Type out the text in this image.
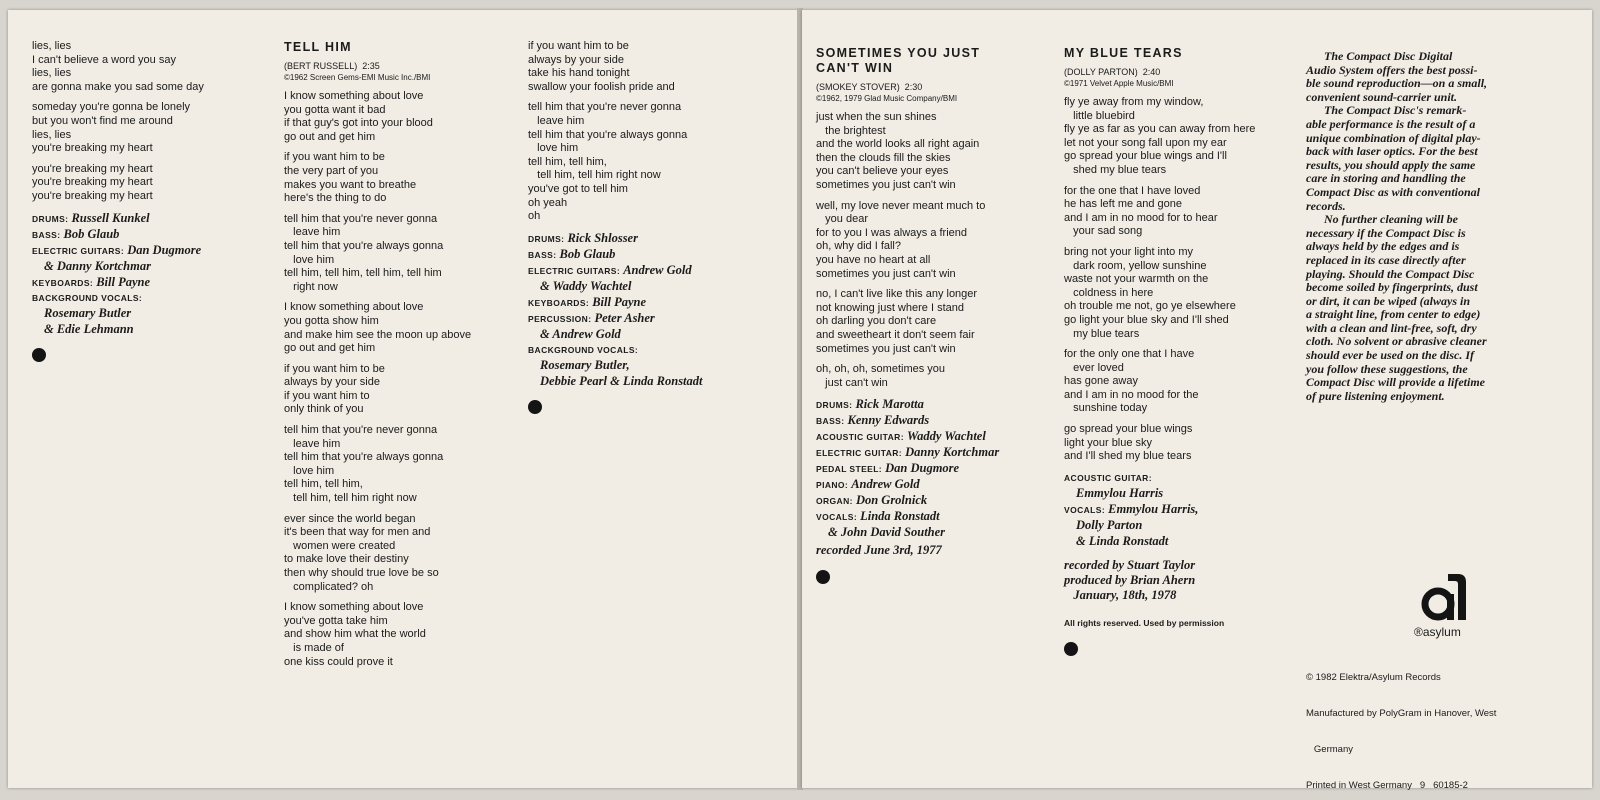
lies, lies

I can't believe a word you say

lies, lies

are gonna make you sad some day

someday you're gonna be lonely

but you won't find me around

lies, lies

you're breaking my heart

you're breaking my heart

you're breaking my heart

you're breaking my heart

DRUMS: Russell Kunkel
BASS: Bob Glaub
ELECTRIC GUITARS: Dan Dugmore
& Danny Kortchmar
KEYBOARDS: Bill Payne
BACKGROUND VOCALS:
Rosemary Butler
& Edie Lehmann
TELL HIM
(BERT RUSSELL)  2:35
©1962 Screen Gems-EMI Music Inc./BMI

I know something about love

you gotta want it bad

if that guy's got into your blood

go out and get him

if you want him to be

the very part of you

makes you want to breathe

here's the thing to do

tell him that you're never gonna

leave him

tell him that you're always gonna

love him

tell him, tell him, tell him, tell him

right now

I know something about love

you gotta show him

and make him see the moon up above

go out and get him

if you want him to be

always by your side

if you want him to

only think of you

tell him that you're never gonna

leave him

tell him that you're always gonna

love him

tell him, tell him,

tell him, tell him right now

ever since the world began

it's been that way for men and

women were created

to make love their destiny

then why should true love be so

complicated? oh

I know something about love

you've gotta take him

and show him what the world

is made of

one kiss could prove it

if you want him to be

always by your side

take his hand tonight

swallow your foolish pride and

tell him that you're never gonna

leave him

tell him that you're always gonna

love him

tell him, tell him,

tell him, tell him right now

you've got to tell him

oh yeah

oh

DRUMS: Rick Shlosser
BASS: Bob Glaub
ELECTRIC GUITARS: Andrew Gold
& Waddy Wachtel
KEYBOARDS: Bill Payne
PERCUSSION: Peter Asher
& Andrew Gold
BACKGROUND VOCALS:
Rosemary Butler,
Debbie Pearl & Linda Ronstadt
SOMETIMES YOU JUST
CAN'T WIN
(SMOKEY STOVER)  2:30
©1962, 1979 Glad Music Company/BMI

just when the sun shines

the brightest

and the world looks all right again

then the clouds fill the skies

you can't believe your eyes

sometimes you just can't win

well, my love never meant much to

you dear

for to you I was always a friend

oh, why did I fall?

you have no heart at all

sometimes you just can't win

no, I can't live like this any longer

not knowing just where I stand

oh darling you don't care

and sweetheart it don't seem fair

sometimes you just can't win

oh, oh, oh, sometimes you

just can't win

DRUMS: Rick Marotta
BASS: Kenny Edwards
ACOUSTIC GUITAR: Waddy Wachtel
ELECTRIC GUITAR: Danny Kortchmar
PEDAL STEEL: Dan Dugmore
PIANO: Andrew Gold
ORGAN: Don Grolnick
VOCALS: Linda Ronstadt
& John David Souther
recorded June 3rd, 1977
MY BLUE TEARS
(DOLLY PARTON)  2:40
©1971 Velvet Apple Music/BMI

fly ye away from my window,

little bluebird

fly ye as far as you can away from here

let not your song fall upon my ear

go spread your blue wings and I'll

shed my blue tears

for the one that I have loved

he has left me and gone

and I am in no mood for to hear

your sad song

bring not your light into my

dark room, yellow sunshine

waste not your warmth on the

coldness in here

oh trouble me not, go ye elsewhere

go light your blue sky and I'll shed

my blue tears

for the only one that I have

ever loved

has gone away

and I am in no mood for the

sunshine today

go spread your blue wings

light your blue sky

and I'll shed my blue tears

ACOUSTIC GUITAR:
Emmylou Harris
VOCALS: Emmylou Harris,
Dolly Parton
& Linda Ronstadt
recorded by Stuart Taylor
produced by Brian Ahern
January, 18th, 1978
All rights reserved. Used by permission

The Compact Disc Digital

Audio System offers the best possi-

ble sound reproduction—on a small,

convenient sound-carrier unit.

The Compact Disc's remark-

able performance is the result of a

unique combination of digital play-

back with laser optics. For the best

results, you should apply the same

care in storing and handling the

Compact Disc as with conventional

records.

No further cleaning will be

necessary if the Compact Disc is

always held by the edges and is

replaced in its case directly after

playing. Should the Compact Disc

become soiled by fingerprints, dust

or dirt, it can be wiped (always in

a straight line, from center to edge)

with a clean and lint-free, soft, dry

cloth. No solvent or abrasive cleaner

should ever be used on the disc. If

you follow these suggestions, the

Compact Disc will provide a lifetime

of pure listening enjoyment.

®asylum

© 1982 Elektra/Asylum Records

Manufactured by PolyGram in Hanover, West

Germany

Printed in West Germany   9   60185-2
